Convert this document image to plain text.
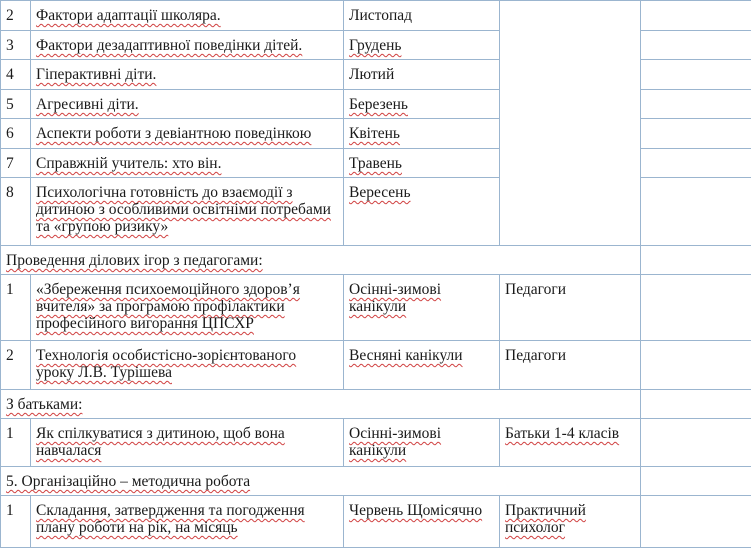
2	Фактори адаптації школяра.	Листопад		
3	Фактори дезадаптивної поведінки дітей.	Грудень		
4	Гіперактивні діти.	Лютий		
5	Агресивні діти.	Березень		
6	Аспекти роботи з девіантною поведінкою	Квітень		
7	Справжній учитель: хто він.	Травень		
8	Психологічна готовність до взаємодії з дитиною з особливими освітніми потребами та «групою ризику»	Вересень		
Проведення ділових ігор з педагогами:				
1	«Збереження психоемоційного здоров’я вчителя» за програмою профілактики професійного вигорання ЦПСХР	Осінні-зимові канікули	Педагоги	
2	Технологія особистісно-зорієнтованого уроку Л.В. Турішева	Весняні канікули	Педагоги	
З батьками:				
1	Як спілкуватися з дитиною, щоб вона навчалася	Осінні-зимові канікули	Батьки 1-4 класів	
5. Організаційно – методична робота				
1	Складання, затвердження та погодження плану роботи на рік, на місяць	Червень Щомісячно	Практичний психолог	
